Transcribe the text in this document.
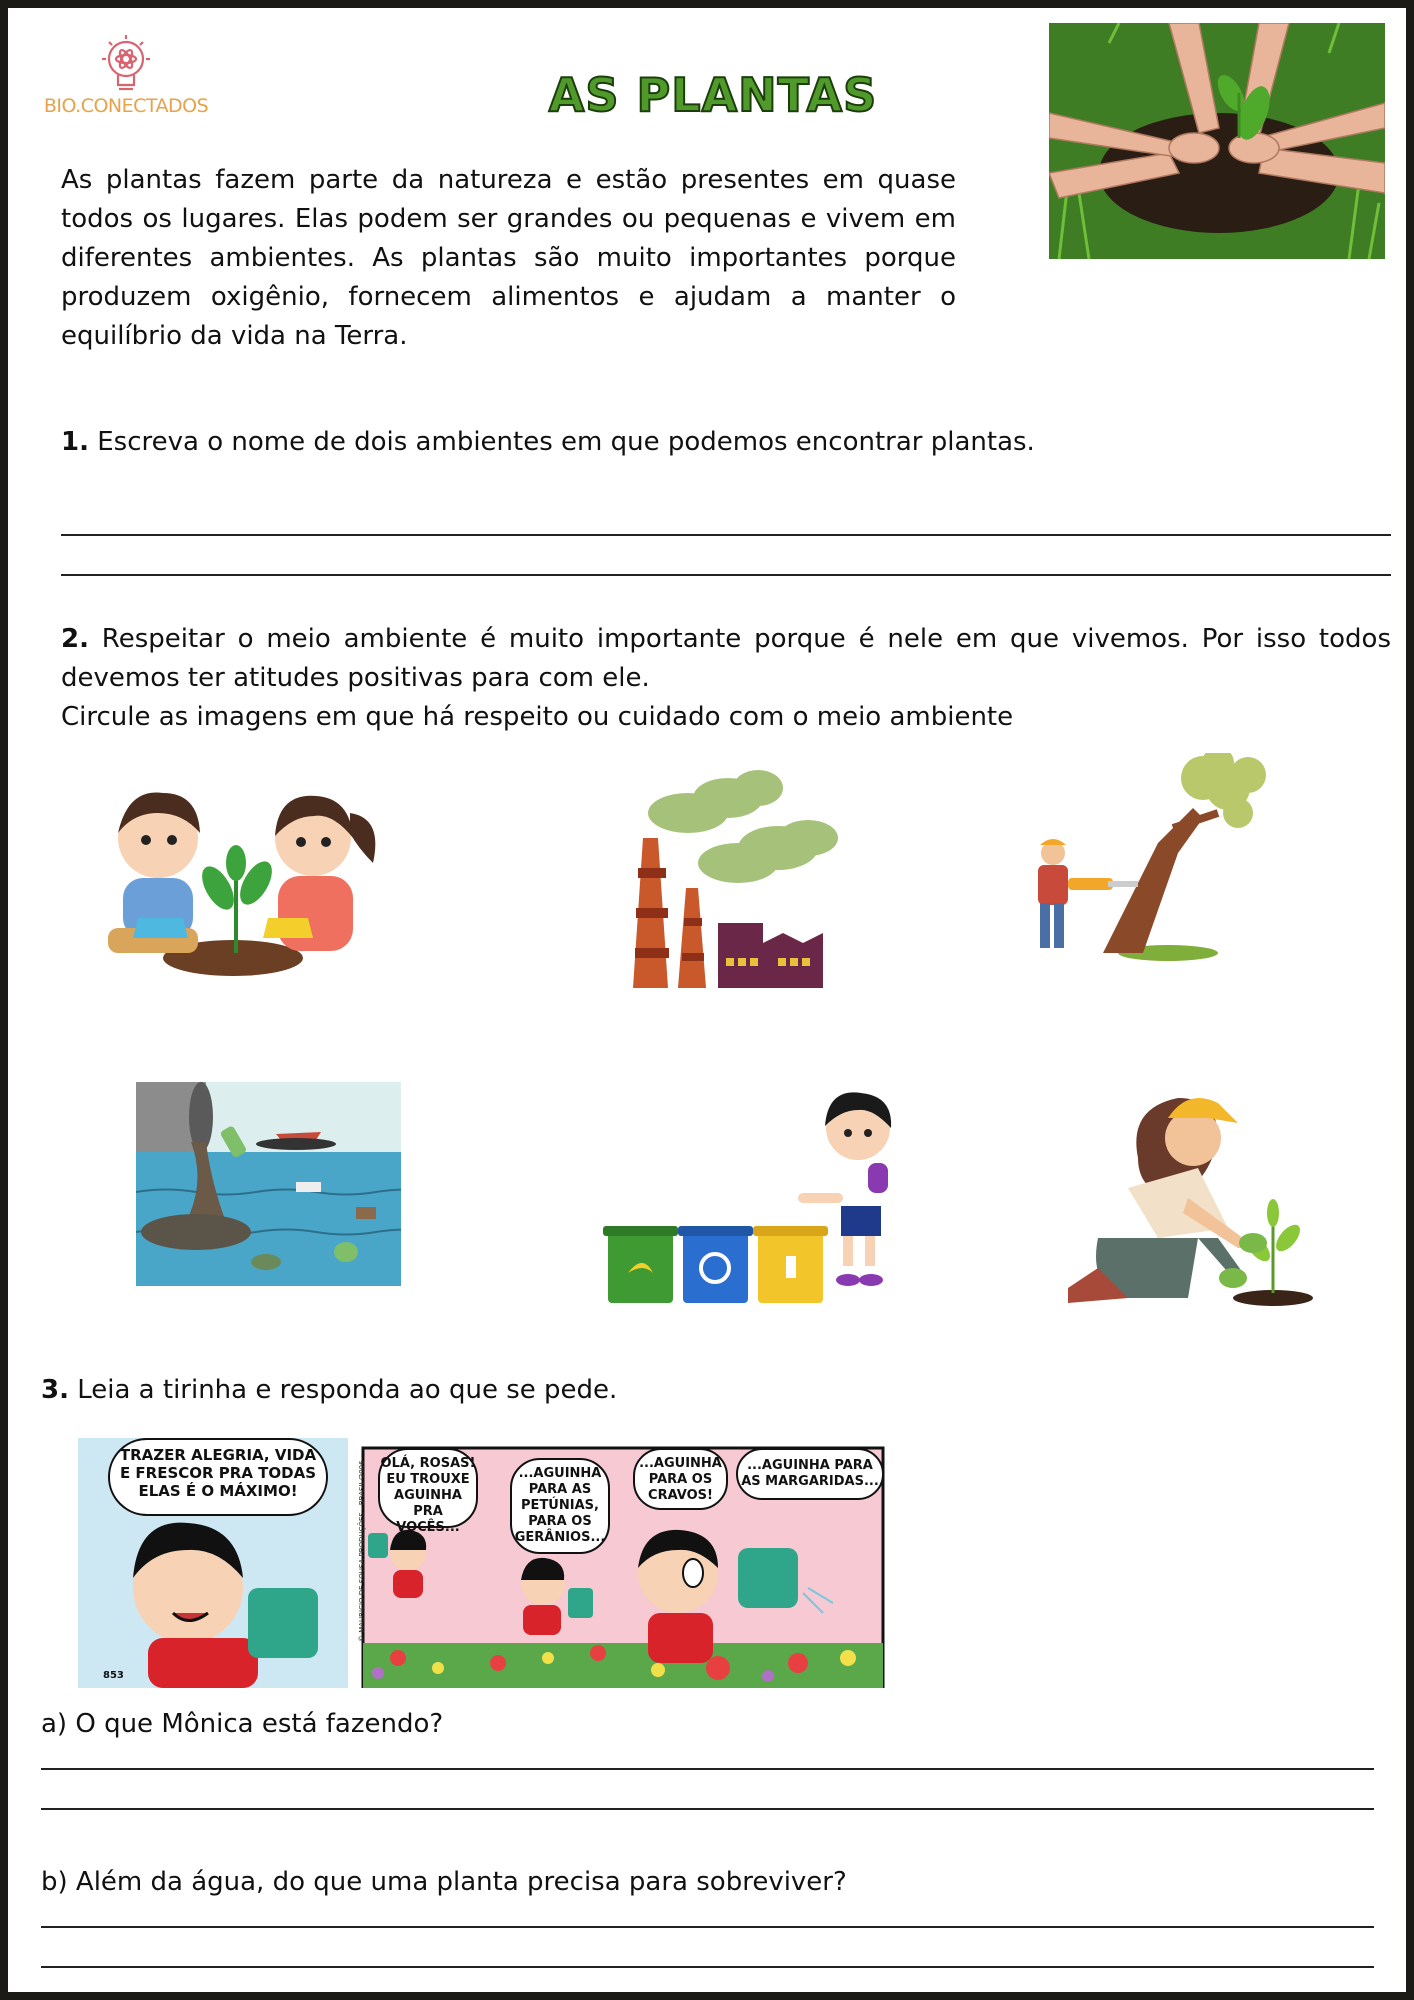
BIO.CONECTADOS	AS PLANTAS
As plantas fazem parte da natureza e estão presentes em quase todos os lugares. Elas podem ser grandes ou pequenas e vivem em diferentes ambientes. As plantas são muito importantes porque produzem oxigênio, fornecem alimentos e ajudam a manter o equilíbrio da vida na Terra.
1. Escreva o nome de dois ambientes em que podemos encontrar plantas.
2. Respeitar o meio ambiente é muito importante porque é nele em que vivemos. Por isso todos devemos ter atitudes positivas para com ele.
Circule as imagens em que há respeito ou cuidado com o meio ambiente
3. Leia a tirinha e responda ao que se pede.
TRAZER ALEGRIA, VIDA
E FRESCOR PRA TODAS
ELAS É O MÁXIMO!
OLÁ, ROSAS!
EU TROUXE
AGUINHA
PRA VOCÊS...
...AGUINHA
PARA AS
PETÚNIAS,
PARA OS
GERÂNIOS...
...AGUINHA
PARA OS
CRAVOS!
...AGUINHA PARA
AS MARGARIDAS...
853
© MAURICIO DE SOUSA PRODUÇÕES - BRASIL/2006
a) O que Mônica está fazendo?
b) Além da água, do que uma planta precisa para sobreviver?
